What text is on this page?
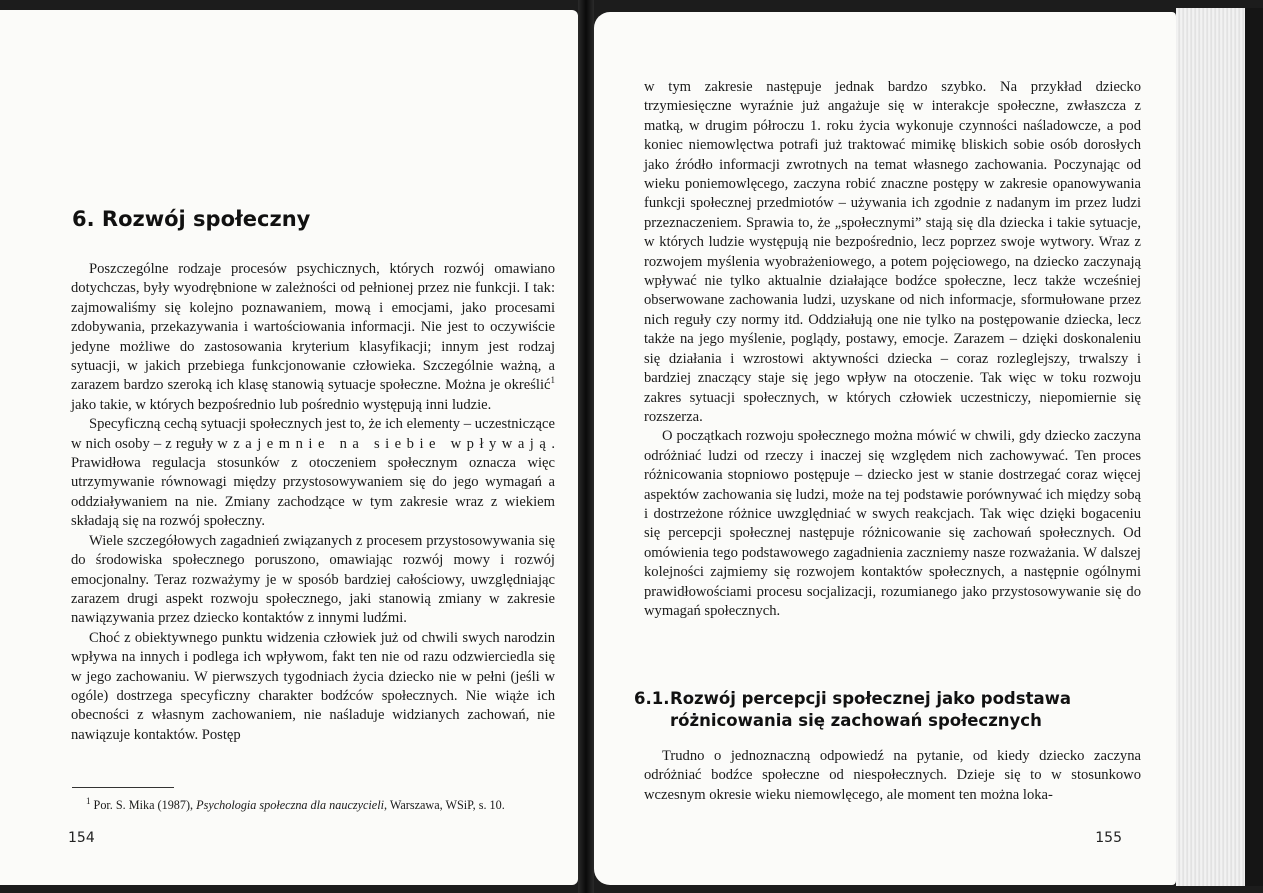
6. Rozwój społeczny

Poszczególne rodzaje procesów psychicznych, których rozwój omawiano dotychczas, były wyodrębnione w zależności od pełnionej przez nie funkcji. I tak: zajmowaliśmy się kolejno poznawaniem, mową i emocjami, jako procesami zdobywania, przekazywania i wartościowania informacji. Nie jest to oczywiście jedyne możliwe do zastosowania kryterium klasyfikacji; innym jest rodzaj sytuacji, w jakich przebiega funkcjonowanie człowieka. Szczególnie ważną, a zarazem bardzo szeroką ich klasę stanowią sytuacje społeczne. Można je określić$^1$ jako takie, w których bezpośrednio lub pośrednio występują inni ludzie.

Specyficzną cechą sytuacji społecznych jest to, że ich elementy – uczestniczące w nich osoby – z reguły wzajemnie na siebie wpływają. Prawidłowa regulacja stosunków z otoczeniem społecznym oznacza więc utrzymywanie równowagi między przystosowywaniem się do jego wymagań a oddziaływaniem na nie. Zmiany zachodzące w tym zakresie wraz z wiekiem składają się na rozwój społeczny.

Wiele szczegółowych zagadnień związanych z procesem przystosowywania się do środowiska społecznego poruszono, omawiając rozwój mowy i rozwój emocjonalny. Teraz rozważymy je w sposób bardziej całościowy, uwzględniając zarazem drugi aspekt rozwoju społecznego, jaki stanowią zmiany w zakresie nawiązywania przez dziecko kontaktów z innymi ludźmi.

Choć z obiektywnego punktu widzenia człowiek już od chwili swych narodzin wpływa na innych i podlega ich wpływom, fakt ten nie od razu odzwierciedla się w jego zachowaniu. W pierwszych tygodniach życia dziecko nie w pełni (jeśli w ogóle) dostrzega specyficzny charakter bodźców społecznych. Nie wiąże ich obecności z własnym zachowaniem, nie naśladuje widzianych zachowań, nie nawiązuje kontaktów. Postęp

$^1$ Por. S. Mika (1987), Psychologia społeczna dla nauczycieli, Warszawa, WSiP, s. 10.
154

w tym zakresie następuje jednak bardzo szybko. Na przykład dziecko trzymiesięczne wyraźnie już angażuje się w interakcje społeczne, zwłaszcza z matką, w drugim półroczu 1. roku życia wykonuje czynności naśladowcze, a pod koniec niemowlęctwa potrafi już traktować mimikę bliskich sobie osób dorosłych jako źródło informacji zwrotnych na temat własnego zachowania. Poczynając od wieku poniemowlęcego, zaczyna robić znaczne postępy w zakresie opanowywania funkcji społecznej przedmiotów – używania ich zgodnie z nadanym im przez ludzi przeznaczeniem. Sprawia to, że „społecznymi” stają się dla dziecka i takie sytuacje, w których ludzie występują nie bezpośrednio, lecz poprzez swoje wytwory. Wraz z rozwojem myślenia wyobrażeniowego, a potem pojęciowego, na dziecko zaczynają wpływać nie tylko aktualnie działające bodźce społeczne, lecz także wcześniej obserwowane zachowania ludzi, uzyskane od nich informacje, sformułowane przez nich reguły czy normy itd. Oddziałują one nie tylko na postępowanie dziecka, lecz także na jego myślenie, poglądy, postawy, emocje. Zarazem – dzięki doskonaleniu się działania i wzrostowi aktywności dziecka – coraz rozleglejszy, trwalszy i bardziej znaczący staje się jego wpływ na otoczenie. Tak więc w toku rozwoju zakres sytuacji społecznych, w których człowiek uczestniczy, niepomiernie się rozszerza.

O początkach rozwoju społecznego można mówić w chwili, gdy dziecko zaczyna odróżniać ludzi od rzeczy i inaczej się względem nich zachowywać. Ten proces różnicowania stopniowo postępuje – dziecko jest w stanie dostrzegać coraz więcej aspektów zachowania się ludzi, może na tej podstawie porównywać ich między sobą i dostrzeżone różnice uwzględniać w swych reakcjach. Tak więc dzięki bogaceniu się percepcji społecznej następuje różnicowanie się zachowań społecznych. Od omówienia tego podstawowego zagadnienia zaczniemy nasze rozważania. W dalszej kolejności zajmiemy się rozwojem kontaktów społecznych, a następnie ogólnymi prawidłowościami procesu socjalizacji, rozumianego jako przystosowywanie się do wymagań społecznych.

6.1.Rozwój percepcji społecznej jako podstawa
różnicowania się zachowań społecznych

Trudno o jednoznaczną odpowiedź na pytanie, od kiedy dziecko zaczyna odróżniać bodźce społeczne od niespołecznych. Dzieje się to w stosunkowo wczesnym okresie wieku niemowlęcego, ale moment ten można loka-

155
